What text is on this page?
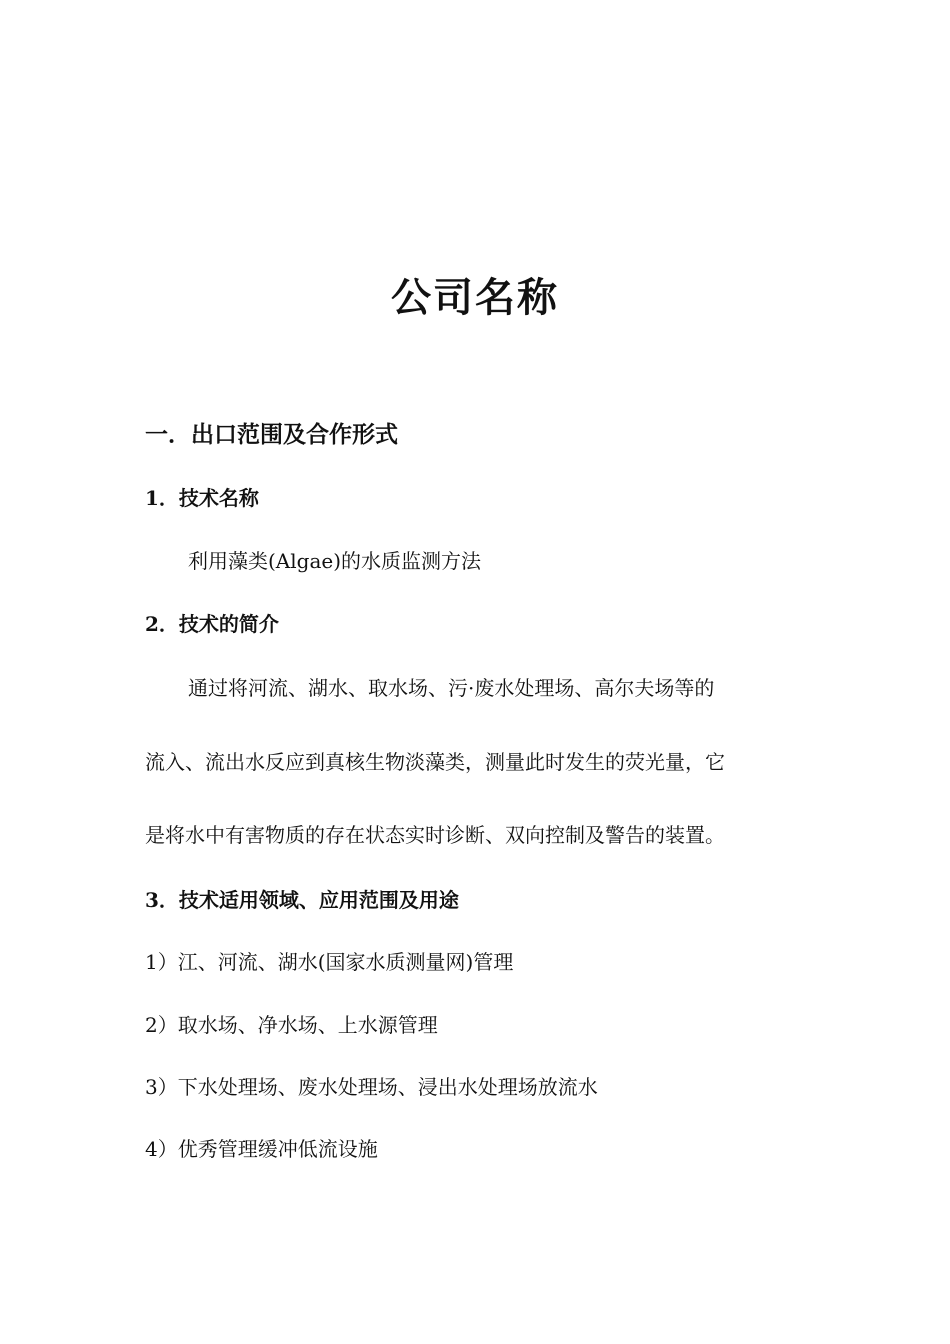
公司名称
一．出口范围及合作形式
1．技术名称
利用藻类(Algae)的水质监测方法
2．技术的简介
通过将河流、湖水、取水场、污·废水处理场、高尔夫场等的
流入、流出水反应到真核生物淡藻类，测量此时发生的荧光量，它
是将水中有害物质的存在状态实时诊断、双向控制及警告的装置。
3．技术适用领域、应用范围及用途
1）江、河流、湖水(国家水质测量网)管理
2）取水场、净水场、上水源管理
3）下水处理场、废水处理场、浸出水处理场放流水
4）优秀管理缓冲低流设施
